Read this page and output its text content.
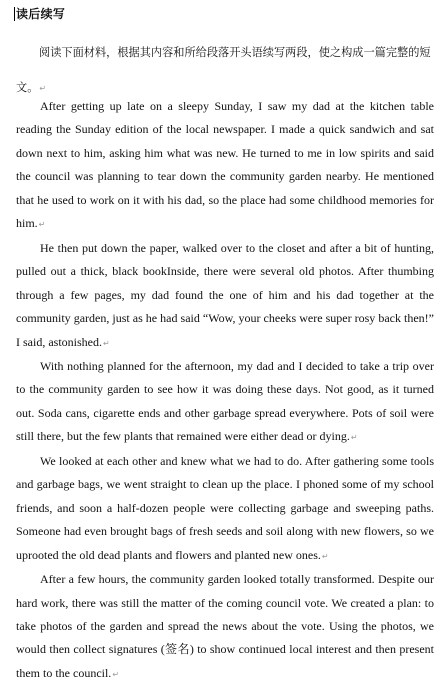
读后续写
阅读下面材料，根据其内容和所给段落开头语续写两段，使之构成一篇完整的短文。↵

After getting up late on a sleepy Sunday, I saw my dad at the kitchen table reading the Sunday edition of the local newspaper. I made a quick sandwich and sat down next to him, asking him what was new. He turned to me in low spirits and said the council was planning to tear down the community garden nearby. He mentioned that he used to work on it with his dad, so the place had some childhood memories for him.↵

He then put down the paper, walked over to the closet and after a bit of hunting, pulled out a thick, black bookInside, there were several old photos. After thumbing through a few pages, my dad found the one of him and his dad together at the community garden, just as he had said “Wow, your cheeks were super rosy back then!” I said, astonished.↵

With nothing planned for the afternoon, my dad and I decided to take a trip over to the community garden to see how it was doing these days. Not good, as it turned out. Soda cans, cigarette ends and other garbage spread everywhere. Pots of soil were still there, but the few plants that remained were either dead or dying.↵

We looked at each other and knew what we had to do. After gathering some tools and garbage bags, we went straight to clean up the place. I phoned some of my school friends, and soon a half-dozen people were collecting garbage and sweeping paths. Someone had even brought bags of fresh seeds and soil along with new flowers, so we uprooted the old dead plants and flowers and planted new ones.↵

After a few hours, the community garden looked totally transformed. Despite our hard work, there was still the matter of the coming council vote. We created a plan: to take photos of the garden and spread the news about the vote. Using the photos, we would then collect signatures (签名) to show continued local interest and then present them to the council.↵
